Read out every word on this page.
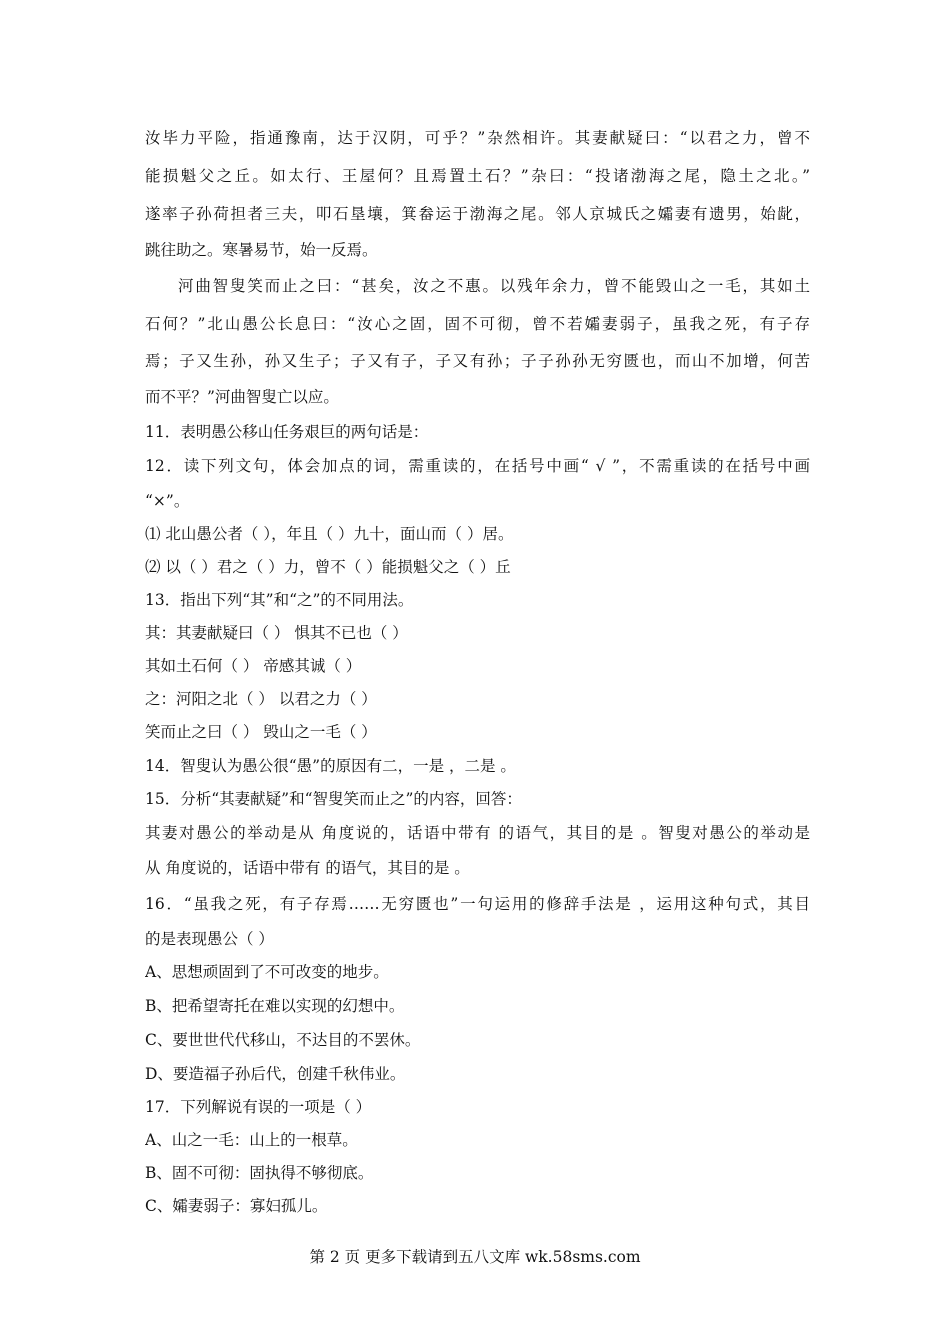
汝毕力平险，指通豫南，达于汉阴，可乎？”杂然相许。其妻献疑曰：“以君之力，曾不
能损魁父之丘。如太行、王屋何？且焉置土石？”杂曰：“投诸渤海之尾，隐土之北。”
遂率子孙荷担者三夫，叩石垦壤，箕畚运于渤海之尾。邻人京城氏之孀妻有遗男，始龀，
跳往助之。寒暑易节，始一反焉。
河曲智叟笑而止之曰：“甚矣，汝之不惠。以残年余力，曾不能毁山之一毛，其如土
石何？”北山愚公长息曰：“汝心之固，固不可彻，曾不若孀妻弱子，虽我之死，有子存
焉；子又生孙，孙又生子；子又有子，子又有孙；子子孙孙无穷匮也，而山不加增，何苦
而不平？”河曲智叟亡以应。
11．表明愚公移山任务艰巨的两句话是：
12．读下列文句，体会加点的词，需重读的，在括号中画“ √ ”，不需重读的在括号中画
“×”。
⑴ 北山愚公者（ ），年且（ ）九十，面山而（ ）居。
⑵ 以（ ）君之（ ）力，曾不（ ）能损魁父之（ ）丘
13．指出下列“其”和“之”的不同用法。
其：其妻献疑曰（ ） 惧其不已也（ ）
其如土石何（ ） 帝感其诚（ ）
之：河阳之北（ ） 以君之力（ ）
笑而止之曰（ ） 毁山之一毛（ ）
14．智叟认为愚公很“愚”的原因有二，一是 ，二是 。
15．分析“其妻献疑”和“智叟笑而止之”的内容，回答：
其妻对愚公的举动是从 角度说的，话语中带有 的语气，其目的是 。智叟对愚公的举动是
从 角度说的，话语中带有 的语气，其目的是 。
16．“虽我之死，有子存焉……无穷匮也”一句运用的修辞手法是 ，运用这种句式，其目
的是表现愚公（ ）
A、思想顽固到了不可改变的地步。
B、把希望寄托在难以实现的幻想中。
C、要世世代代移山，不达目的不罢休。
D、要造福子孙后代，创建千秋伟业。
17．下列解说有误的一项是（ ）
A、山之一毛：山上的一根草。
B、固不可彻：固执得不够彻底。
C、孀妻弱子：寡妇孤儿。
第 2 页 更多下载请到五八文库 wk.58sms.com
